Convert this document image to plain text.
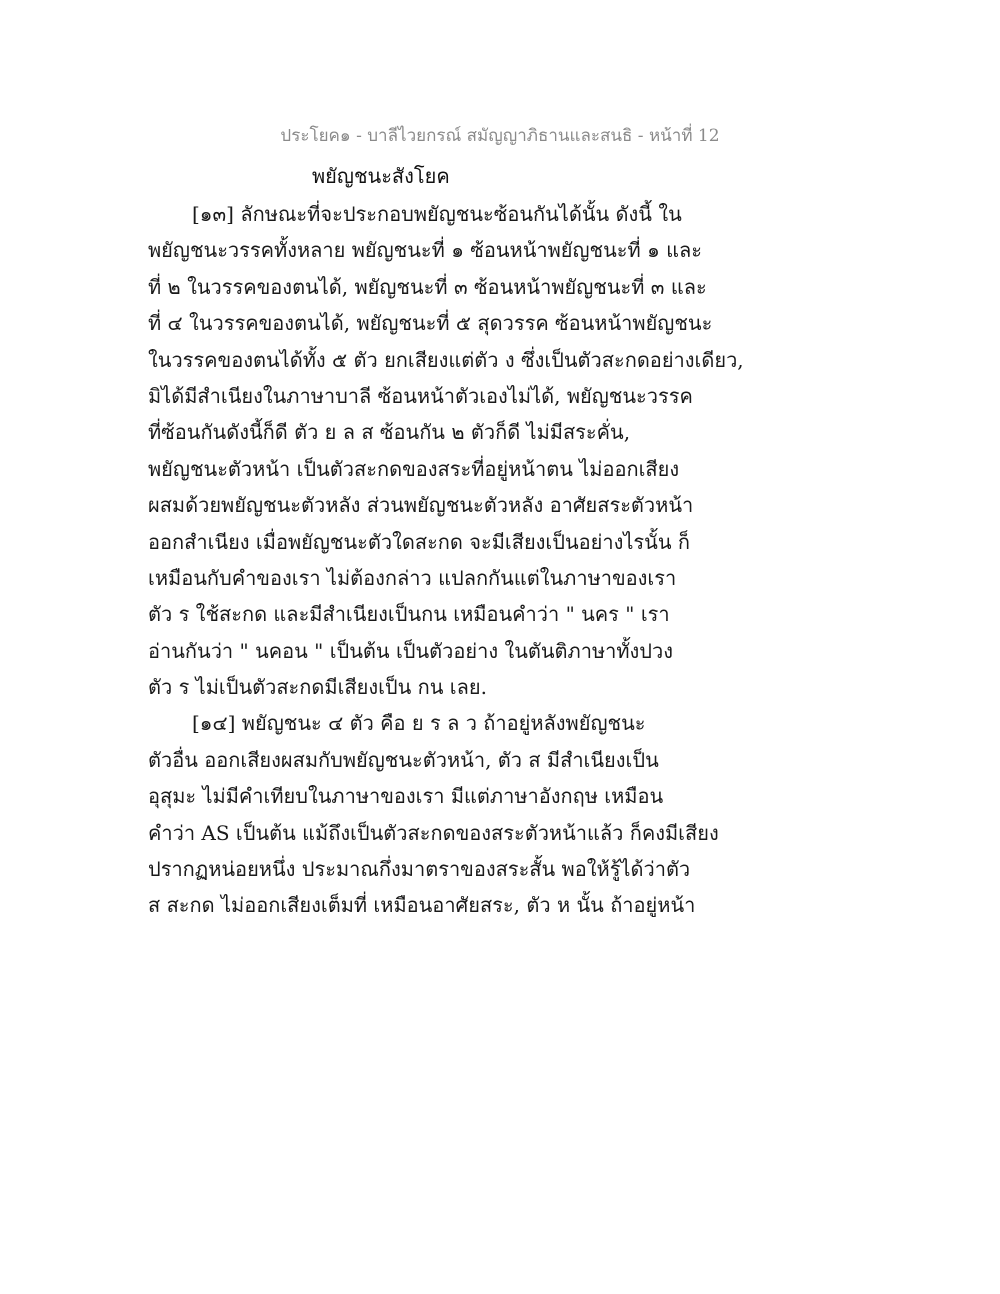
ประโยค๑ - บาลีไวยกรณ์ สมัญญาภิธานและสนธิ - หน้าที่ 12
พยัญชนะสังโยค
[๑๓] ลักษณะที่จะประกอบพยัญชนะซ้อนกันได้นั้น ดังนี้ ใน
พยัญชนะวรรคทั้งหลาย พยัญชนะที่ ๑ ซ้อนหน้าพยัญชนะที่ ๑ และ
ที่ ๒ ในวรรคของตนได้, พยัญชนะที่ ๓ ซ้อนหน้าพยัญชนะที่ ๓ และ
ที่ ๔ ในวรรคของตนได้, พยัญชนะที่ ๕ สุดวรรค ซ้อนหน้าพยัญชนะ
ในวรรคของตนได้ทั้ง ๕ ตัว ยกเสียงแต่ตัว ง ซึ่งเป็นตัวสะกดอย่างเดียว,
มิได้มีสำเนียงในภาษาบาลี ซ้อนหน้าตัวเองไม่ได้, พยัญชนะวรรค
ที่ซ้อนกันดังนี้ก็ดี ตัว ย ล ส ซ้อนกัน ๒ ตัวก็ดี ไม่มีสระคั่น,
พยัญชนะตัวหน้า เป็นตัวสะกดของสระที่อยู่หน้าตน ไม่ออกเสียง
ผสมด้วยพยัญชนะตัวหลัง ส่วนพยัญชนะตัวหลัง อาศัยสระตัวหน้า
ออกสำเนียง เมื่อพยัญชนะตัวใดสะกด จะมีเสียงเป็นอย่างไรนั้น ก็
เหมือนกับคำของเรา ไม่ต้องกล่าว แปลกกันแต่ในภาษาของเรา
ตัว ร ใช้สะกด และมีสำเนียงเป็นกน เหมือนคำว่า " นคร " เรา
อ่านกันว่า " นคอน " เป็นต้น เป็นตัวอย่าง ในตันติภาษาทั้งปวง
ตัว ร ไม่เป็นตัวสะกดมีเสียงเป็น กน เลย.
[๑๔] พยัญชนะ ๔ ตัว คือ ย ร ล ว ถ้าอยู่หลังพยัญชนะ
ตัวอื่น ออกเสียงผสมกับพยัญชนะตัวหน้า, ตัว ส มีสำเนียงเป็น
อุสุมะ ไม่มีคำเทียบในภาษาของเรา มีแต่ภาษาอังกฤษ เหมือน
คำว่า AS เป็นต้น แม้ถึงเป็นตัวสะกดของสระตัวหน้าแล้ว ก็คงมีเสียง
ปรากฏหน่อยหนึ่ง ประมาณกึ่งมาตราของสระสั้น พอให้รู้ได้ว่าตัว
ส สะกด ไม่ออกเสียงเต็มที่ เหมือนอาศัยสระ, ตัว ห นั้น ถ้าอยู่หน้า
